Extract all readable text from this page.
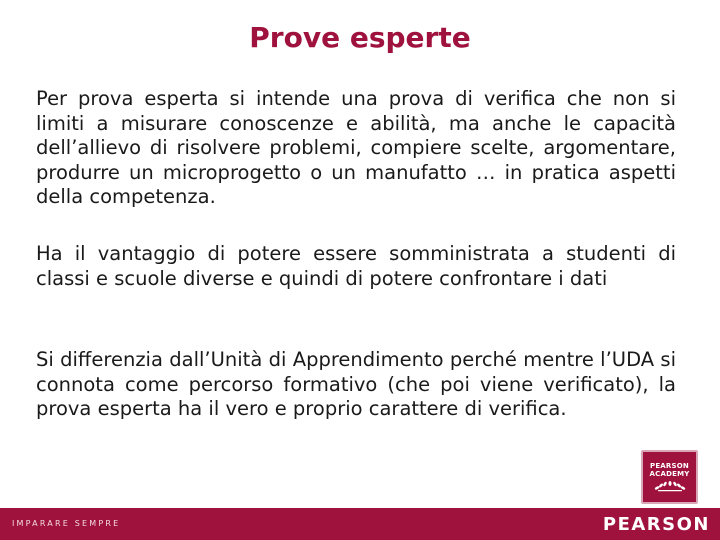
Prove esperte

Per prova esperta si intende una prova di verifica che non si limiti a misurare conoscenze e abilità, ma anche le capacità dell’allievo di risolvere problemi, compiere scelte, argomentare, produrre un microprogetto o un manufatto … in pratica aspetti della competenza.

Ha il vantaggio di potere essere somministrata a studenti di classi e scuole diverse e quindi di potere confrontare i dati

Si differenzia dall’Unità di Apprendimento perché mentre l’UDA si connota come percorso formativo (che poi viene verificato), la prova esperta ha il vero e proprio carattere di verifica.

PEARSON
ACADEMY
IMPARARE SEMPRE	PEARSON
